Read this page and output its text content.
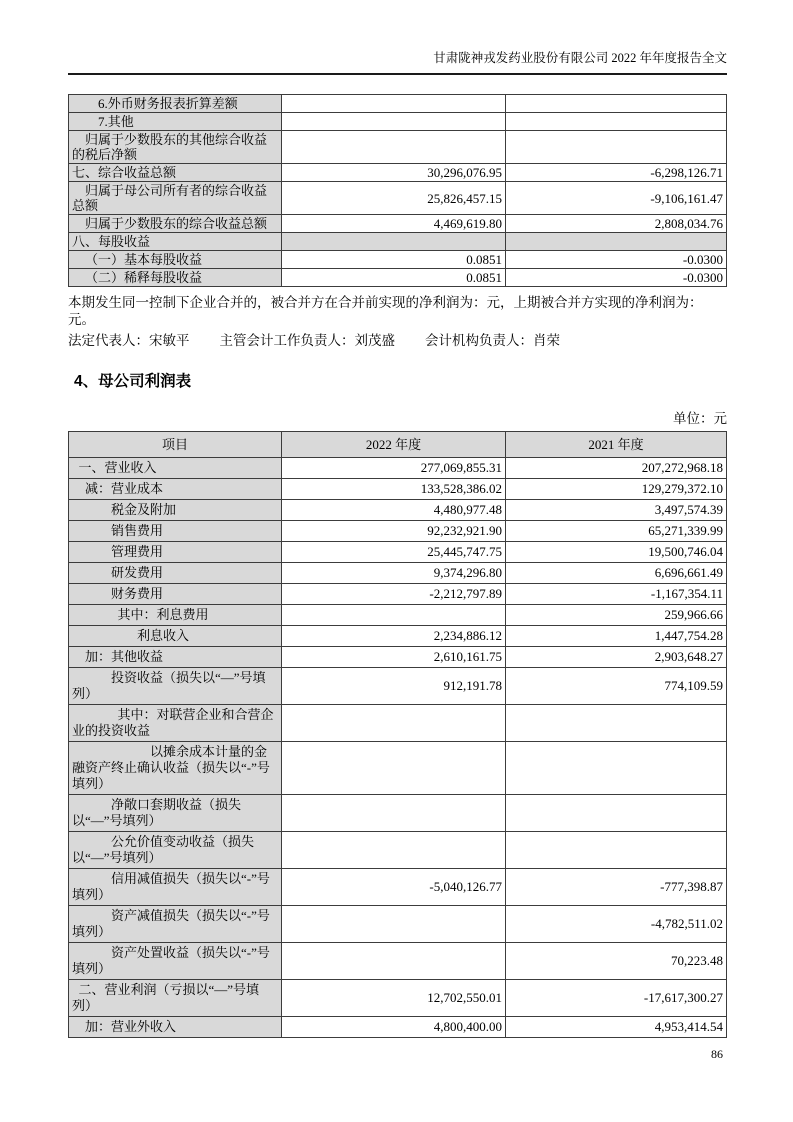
甘肃陇神戎发药业股份有限公司 2022 年年度报告全文
6.外币财务报表折算差额		
7.其他		
归属于少数股东的其他综合收益的税后净额		
七、综合收益总额	30,296,076.95	-6,298,126.71
归属于母公司所有者的综合收益总额	25,826,457.15	-9,106,161.47
归属于少数股东的综合收益总额	4,469,619.80	2,808,034.76
八、每股收益		
（一）基本每股收益	0.0851	-0.0300
（二）稀释每股收益	0.0851	-0.0300

本期发生同一控制下企业合并的，被合并方在合并前实现的净利润为：元，上期被合并方实现的净利润为：元。

法定代表人：宋敏平 主管会计工作负责人：刘茂盛 会计机构负责人：肖荣

4、母公司利润表
单位：元
项目	2022 年度	2021 年度
一、营业收入	277,069,855.31	207,272,968.18
减：营业成本	133,528,386.02	129,279,372.10
税金及附加	4,480,977.48	3,497,574.39
销售费用	92,232,921.90	65,271,339.99
管理费用	25,445,747.75	19,500,746.04
研发费用	9,374,296.80	6,696,661.49
财务费用	-2,212,797.89	-1,167,354.11
其中：利息费用		259,966.66
利息收入	2,234,886.12	1,447,754.28
加：其他收益	2,610,161.75	2,903,648.27
投资收益（损失以“—”号填列）	912,191.78	774,109.59
其中：对联营企业和合营企业的投资收益		
以摊余成本计量的金融资产终止确认收益（损失以“-”号填列）		
净敞口套期收益（损失以“—”号填列）		
公允价值变动收益（损失以“—”号填列）		
信用减值损失（损失以“-”号填列）	-5,040,126.77	-777,398.87
资产减值损失（损失以“-”号填列）		-4,782,511.02
资产处置收益（损失以“-”号填列）		70,223.48
二、营业利润（亏损以“—”号填列）	12,702,550.01	-17,617,300.27
加：营业外收入	4,800,400.00	4,953,414.54
86
